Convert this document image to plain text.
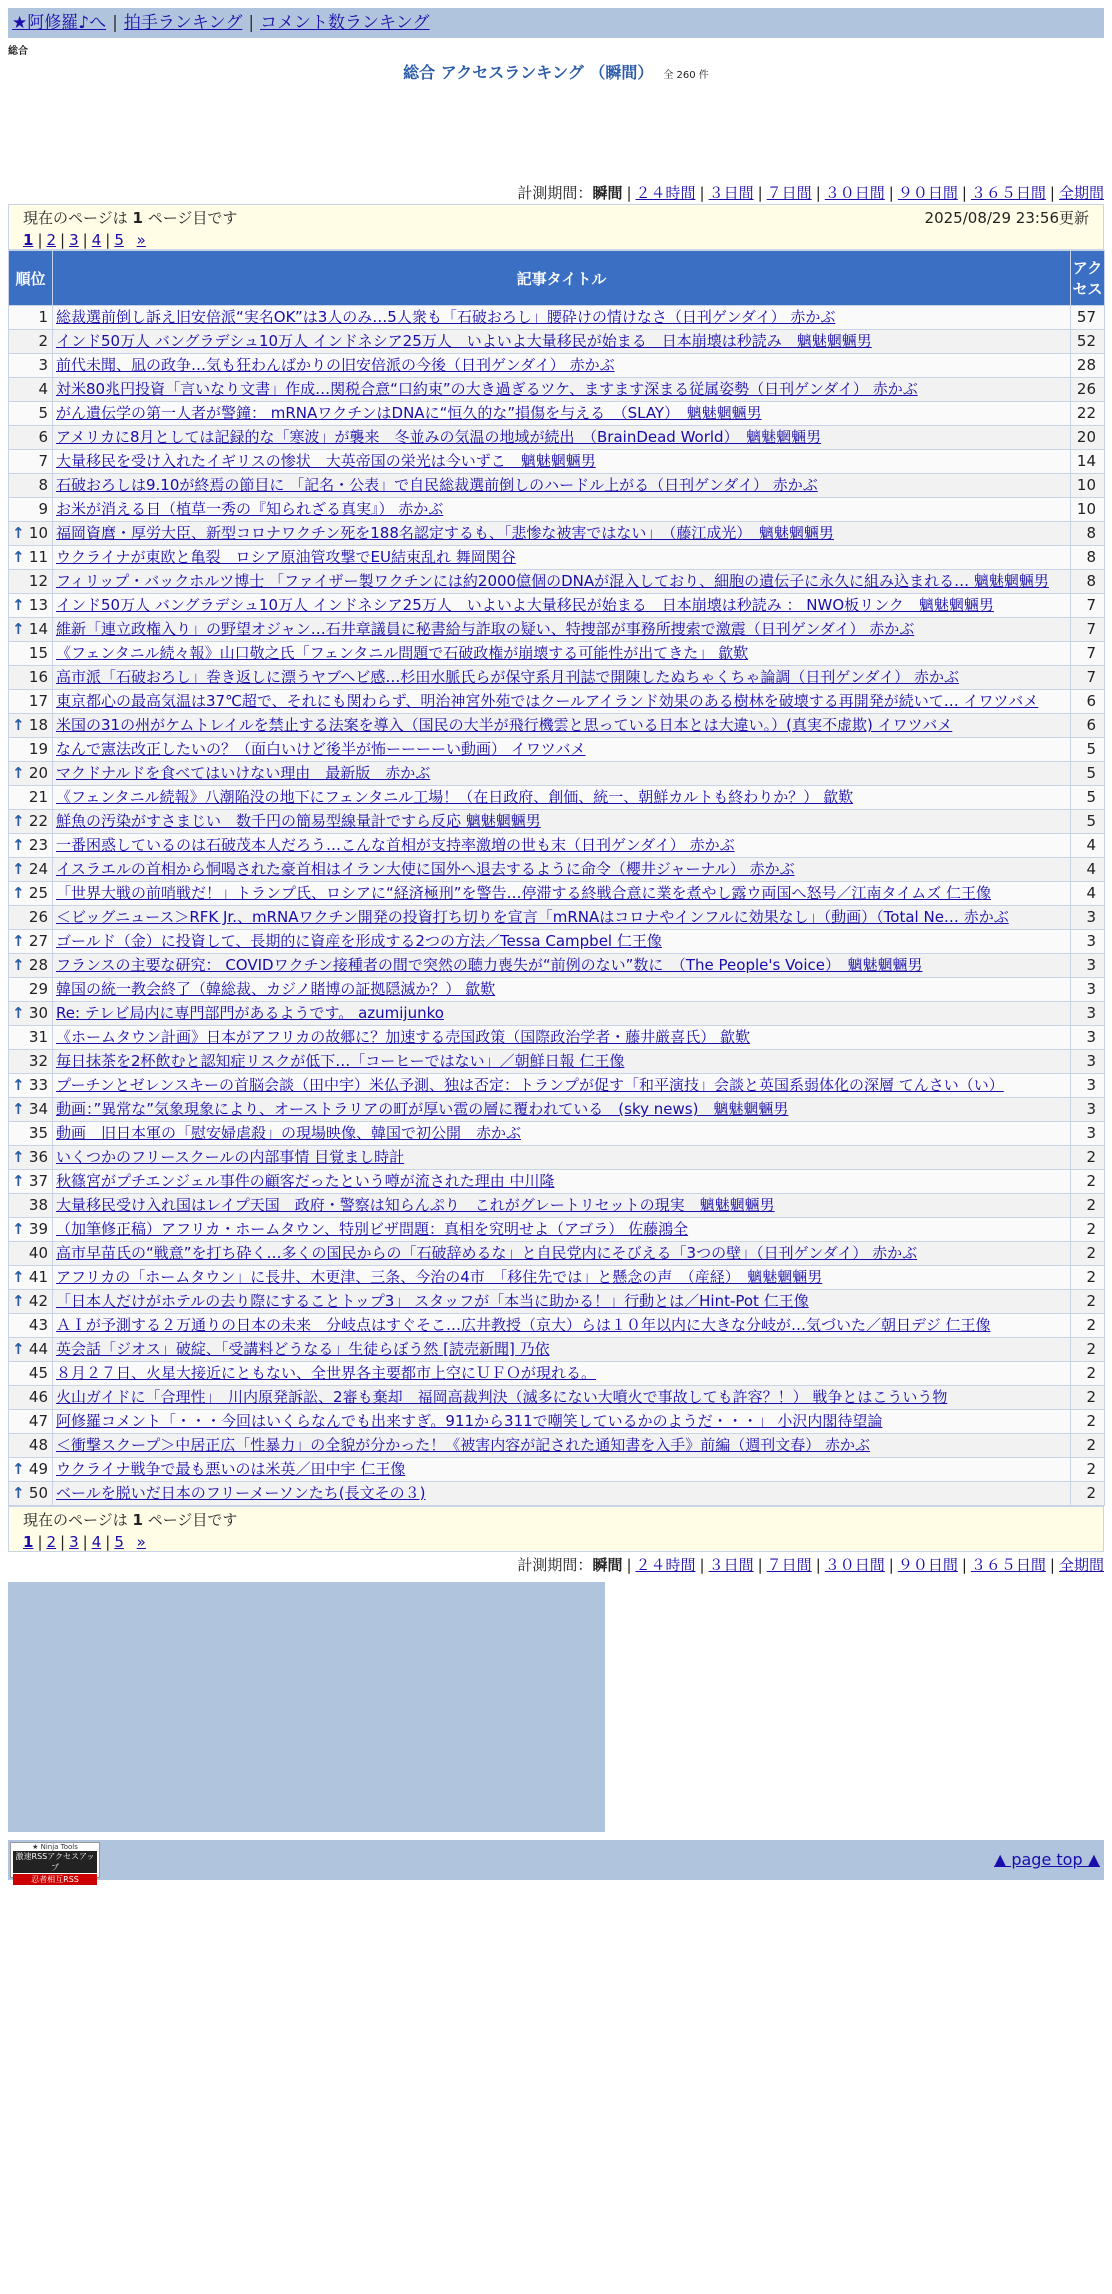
★阿修羅♪へ | 拍手ランキング | コメント数ランキング
総合
総合 アクセスランキング （瞬間） 全 260 件
計測期間：瞬間 | ２４時間 | ３日間 | ７日間 | ３０日間 | ９０日間 | ３６５日間 | 全期間
現在のページは 1 ページ目です	2025/08/29 23:56更新
1 | 2 | 3 | 4 | 5 »
順位	記事タイトル	アクセス
1	総裁選前倒し訴え旧安倍派“実名OK”は3人のみ…5人衆も「石破おろし」腰砕けの情けなさ（日刊ゲンダイ） 赤かぶ	57
2	インド50万人 バングラデシュ10万人 インドネシア25万人　いよいよ大量移民が始まる　日本崩壊は秒読み　魑魅魍魎男	52
3	前代未聞、凪の政争…気も狂わんばかりの旧安倍派の今後（日刊ゲンダイ） 赤かぶ	28
4	対米80兆円投資「言いなり文書」作成…関税合意“口約束”の大き過ぎるツケ、ますます深まる従属姿勢（日刊ゲンダイ） 赤かぶ	26
5	がん遺伝学の第一人者が警鐘： mRNAワクチンはDNAに“恒久的な”損傷を与える　（SLAY）　魑魅魍魎男	22
6	アメリカに8月としては記録的な「寒波」が襲来　冬並みの気温の地域が続出　（BrainDead World）　魑魅魍魎男	20
7	大量移民を受け入れたイギリスの惨状　大英帝国の栄光は今いずこ　魑魅魍魎男	14
8	石破おろしは9.10が終焉の節目に 「記名・公表」で自民総裁選前倒しのハードル上がる（日刊ゲンダイ） 赤かぶ	10
9	お米が消える日（植草一秀の『知られざる真実』） 赤かぶ	10

↑ 10	福岡資麿・厚労大臣、新型コロナワクチン死を188名認定するも、「悲惨な被害ではない」　（藤江成光）　魑魅魍魎男	8

↑ 11	ウクライナが東欧と亀裂　ロシア原油管攻撃でEU結束乱れ 舞岡関谷	8
12	フィリップ・バックホルツ博士 「ファイザー製ワクチンには約2000億個のDNAが混入しており、細胞の遺伝子に永久に組み込まれる… 魑魅魍魎男	8

↑ 13	インド50万人 バングラデシュ10万人 インドネシア25万人　いよいよ大量移民が始まる　日本崩壊は秒読み ： NWO板リンク　魑魅魍魎男	7

↑ 14	維新「連立政権入り」の野望オジャン…石井章議員に秘書給与詐取の疑い、特捜部が事務所捜索で激震（日刊ゲンダイ） 赤かぶ	7
15	《フェンタニル続々報》山口敬之氏「フェンタニル問題で石破政権が崩壊する可能性が出てきた」 歙歎	7
16	高市派「石破おろし」巻き返しに漂うヤブヘビ感…杉田水脈氏らが保守系月刊誌で開陳したぬちゃくちゃ論調（日刊ゲンダイ） 赤かぶ	7
17	東京都心の最高気温は37℃超で、それにも関わらず、明治神宮外苑ではクールアイランド効果のある樹林を破壊する再開発が続いて… イワツバメ	6

↑ 18	米国の31の州がケムトレイルを禁止する法案を導入（国民の大半が飛行機雲と思っている日本とは大違い。）(真実不虚欺) イワツバメ	6
19	なんで憲法改正したいの？（面白いけど後半が怖ーーーーい動画） イワツバメ	5

↑ 20	マクドナルドを食べてはいけない理由　最新版　赤かぶ	5
21	《フェンタニル続報》八潮陥没の地下にフェンタニル工場！（在日政府、創価、統一、朝鮮カルトも終わりか？） 歙歎	5

↑ 22	鮮魚の汚染がすさまじい　数千円の簡易型線量計ですら反応 魑魅魍魎男	5

↑ 23	一番困惑しているのは石破茂本人だろう…こんな首相が支持率激増の世も末（日刊ゲンダイ） 赤かぶ	4

↑ 24	イスラエルの首相から恫喝された豪首相はイラン大使に国外へ退去するように命令（櫻井ジャーナル） 赤かぶ	4

↑ 25	「世界大戦の前哨戦だ！」トランプ氏、ロシアに“経済極刑”を警告…停滞する終戦合意に業を煮やし露ウ両国へ怒号／江南タイムズ 仁王像	4
26	＜ビッグニュース＞RFK Jr.、mRNAワクチン開発の投資打ち切りを宣言「mRNAはコロナやインフルに効果なし」（動画）（Total Ne… 赤かぶ	3

↑ 27	ゴールド（金）に投資して、長期的に資産を形成する2つの方法／Tessa Campbel 仁王像	3

↑ 28	フランスの主要な研究： COVIDワクチン接種者の間で突然の聴力喪失が“前例のない”数に　（The People's Voice）　魑魅魍魎男	3
29	韓国の統一教会終了（韓総裁、カジノ賭博の証拠隠滅か？） 歙歎	3

↑ 30	Re: テレビ局内に専門部門があるようです。 azumijunko	3
31	《ホームタウン計画》日本がアフリカの故郷に？加速する売国政策（国際政治学者・藤井厳喜氏） 歙歎	3
32	毎日抹茶を2杯飲むと認知症リスクが低下…「コーヒーではない」／朝鮮日報 仁王像	3

↑ 33	プーチンとゼレンスキーの首脳会談（田中宇）米仏予測、独は否定：トランプが促す「和平演技」会談と英国系弱体化の深層 てんさい（い）	3

↑ 34	動画：”異常な”気象現象により、オーストラリアの町が厚い雹の層に覆われている　(sky news)　魑魅魍魎男	3
35	動画　旧日本軍の「慰安婦虐殺」の現場映像、韓国で初公開　赤かぶ	3

↑ 36	いくつかのフリースクールの内部事情 目覚まし時計	2

↑ 37	秋篠宮がプチエンジェル事件の顧客だったという噂が流された理由 中川隆	2
38	大量移民受け入れ国はレイプ天国　政府・警察は知らんぷり　これがグレートリセットの現実　魑魅魍魎男	2

↑ 39	（加筆修正稿）アフリカ・ホームタウン、特別ビザ問題：真相を究明せよ（アゴラ） 佐藤鴻全	2
40	高市早苗氏の“戦意”を打ち砕く…多くの国民からの「石破辞めるな」と自民党内にそびえる「3つの壁」（日刊ゲンダイ） 赤かぶ	2

↑ 41	アフリカの「ホームタウン」に長井、木更津、三条、今治の4市　「移住先では」と懸念の声　（産経）　魑魅魍魎男	2

↑ 42	「日本人だけがホテルの去り際にすることトップ3」 スタッフが「本当に助かる！」行動とは／Hint-Pot 仁王像	2
43	ＡＩが予測する２万通りの日本の未来　分岐点はすぐそこ…広井教授（京大）らは１０年以内に大きな分岐が…気づいた／朝日デジ 仁王像	2

↑ 44	英会話「ジオス」破綻、「受講料どうなる」生徒らぼう然 [読売新聞] 乃依	2
45	８月２７日、火星大接近にともない、全世界各主要都市上空にＵＦＯが現れる。	2
46	火山ガイドに「合理性」　川内原発訴訟、2審も棄却　福岡高裁判決（滅多にない大噴火で事故しても許容？！） 戦争とはこういう物	2
47	阿修羅コメント「・・・今回はいくらなんでも出来すぎ。911から311で嘲笑しているかのようだ・・・」 小沢内閣待望論	2
48	＜衝撃スクープ＞中居正広「性暴力」の全貌が分かった！《被害内容が記された通知書を入手》前編（週刊文春） 赤かぶ	2

↑ 49	ウクライナ戦争で最も悪いのは米英／田中宇 仁王像	2

↑ 50	ベールを脱いだ日本のフリーメーソンたち(長文その３)	2
現在のページは 1 ページ目です
1 | 2 | 3 | 4 | 5 »
計測期間：瞬間 | ２４時間 | ３日間 | ７日間 | ３０日間 | ９０日間 | ３６５日間 | 全期間
★ Ninja Tools
激速RSSアクセスアップ
忍者相互RSS
▲ page top ▲
